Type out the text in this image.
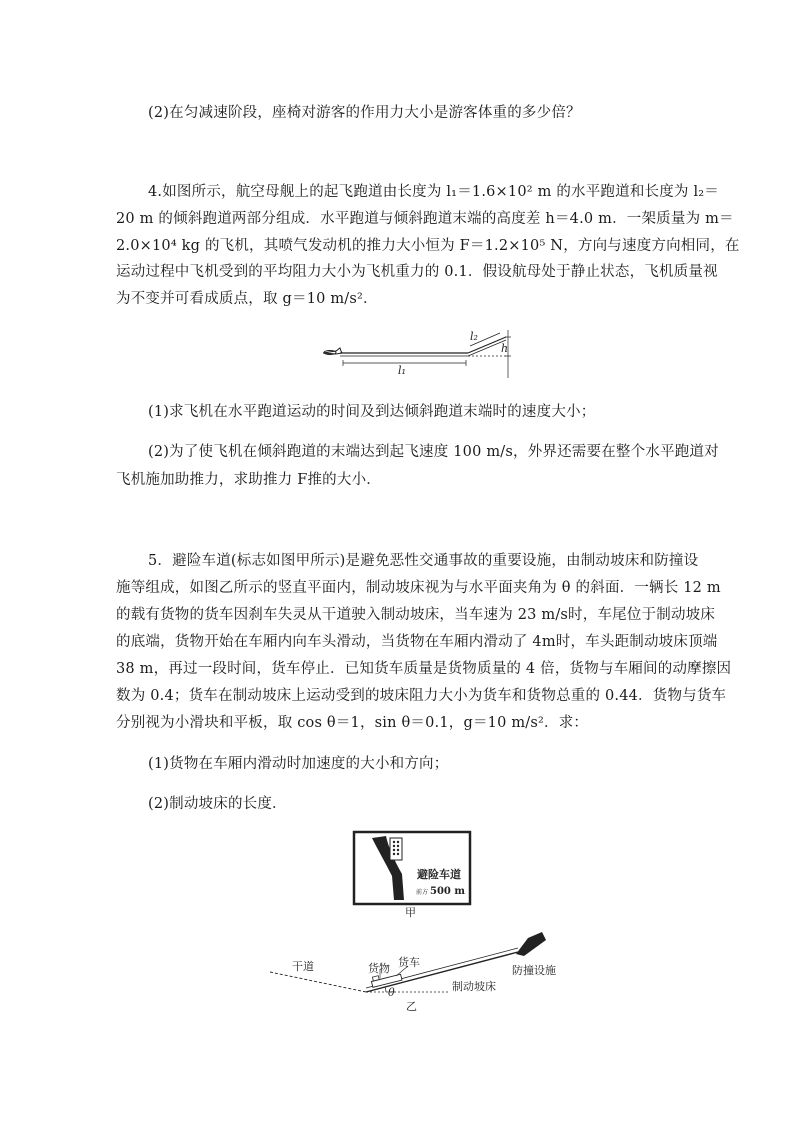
(2)在匀减速阶段，座椅对游客的作用力大小是游客体重的多少倍？
4.如图所示，航空母舰上的起飞跑道由长度为 l₁＝1.6×10² m 的水平跑道和长度为 l₂＝
20 m 的倾斜跑道两部分组成．水平跑道与倾斜跑道末端的高度差 h＝4.0 m．一架质量为 m＝
2.0×10⁴ kg 的飞机，其喷气发动机的推力大小恒为 F＝1.2×10⁵ N，方向与速度方向相同，在
运动过程中飞机受到的平均阻力大小为飞机重力的 0.1．假设航母处于静止状态，飞机质量视
为不变并可看成质点，取 g＝10 m/s²．
l₁
l₂
h
(1)求飞机在水平跑道运动的时间及到达倾斜跑道末端时的速度大小；
(2)为了使飞机在倾斜跑道的末端达到起飞速度 100 m/s，外界还需要在整个水平跑道对
飞机施加助推力，求助推力 F推的大小．
5．避险车道(标志如图甲所示)是避免恶性交通事故的重要设施，由制动坡床和防撞设
施等组成，如图乙所示的竖直平面内，制动坡床视为与水平面夹角为 θ 的斜面．一辆长 12 m
的载有货物的货车因刹车失灵从干道驶入制动坡床，当车速为 23 m/s时，车尾位于制动坡床
的底端，货物开始在车厢内向车头滑动，当货物在车厢内滑动了 4m时，车头距制动坡床顶端
38 m，再过一段时间，货车停止．已知货车质量是货物质量的 4 倍，货物与车厢间的动摩擦因
数为 0.4；货车在制动坡床上运动受到的坡床阻力大小为货车和货物总重的 0.44．货物与货车
分别视为小滑块和平板，取 cos θ＝1，sin θ＝0.1，g＝10 m/s²．求：
(1)货物在车厢内滑动时加速度的大小和方向；
(2)制动坡床的长度．
避险车道
前方 500 m
甲
干道	货物 货车
防撞设施
制动坡床
θ
乙
